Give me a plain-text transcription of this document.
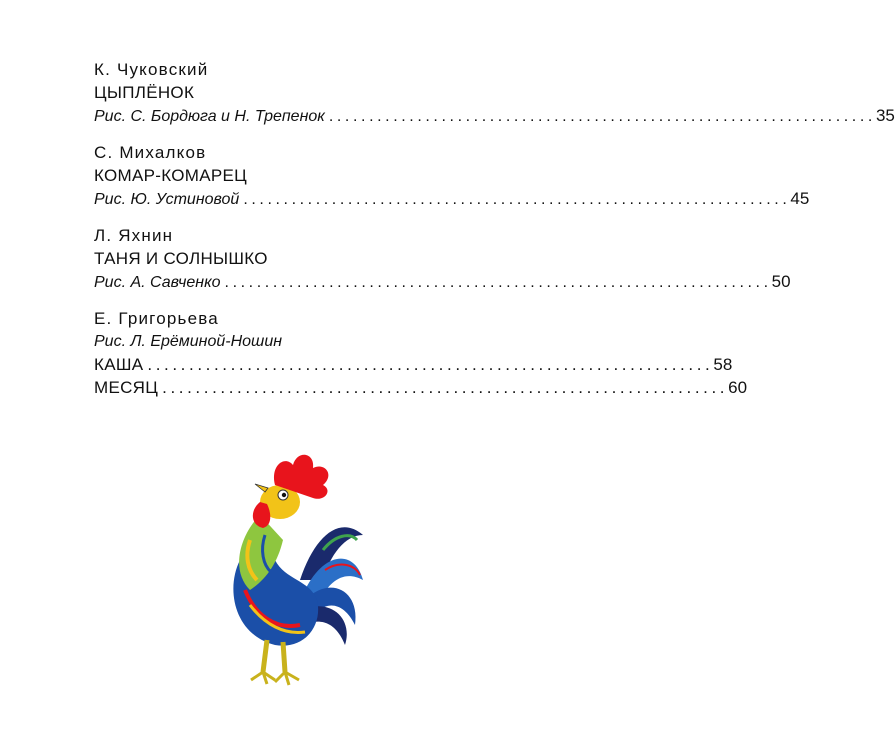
К. Чуковский
ЦЫПЛЁНОК
Рис. С. Бордюга и Н. Трепенок .................................................................... 35
С. Михалков
КОМАР-КОМАРЕЦ
Рис. Ю. Устиновой .................................................................... 45
Л. Яхнин
ТАНЯ И СОЛНЫШКО
Рис. А. Савченко .................................................................... 50
Е. Григорьева
Рис. Л. Ерёминой-Ношин
КАША .................................................................... 58
МЕСЯЦ .................................................................... 60
